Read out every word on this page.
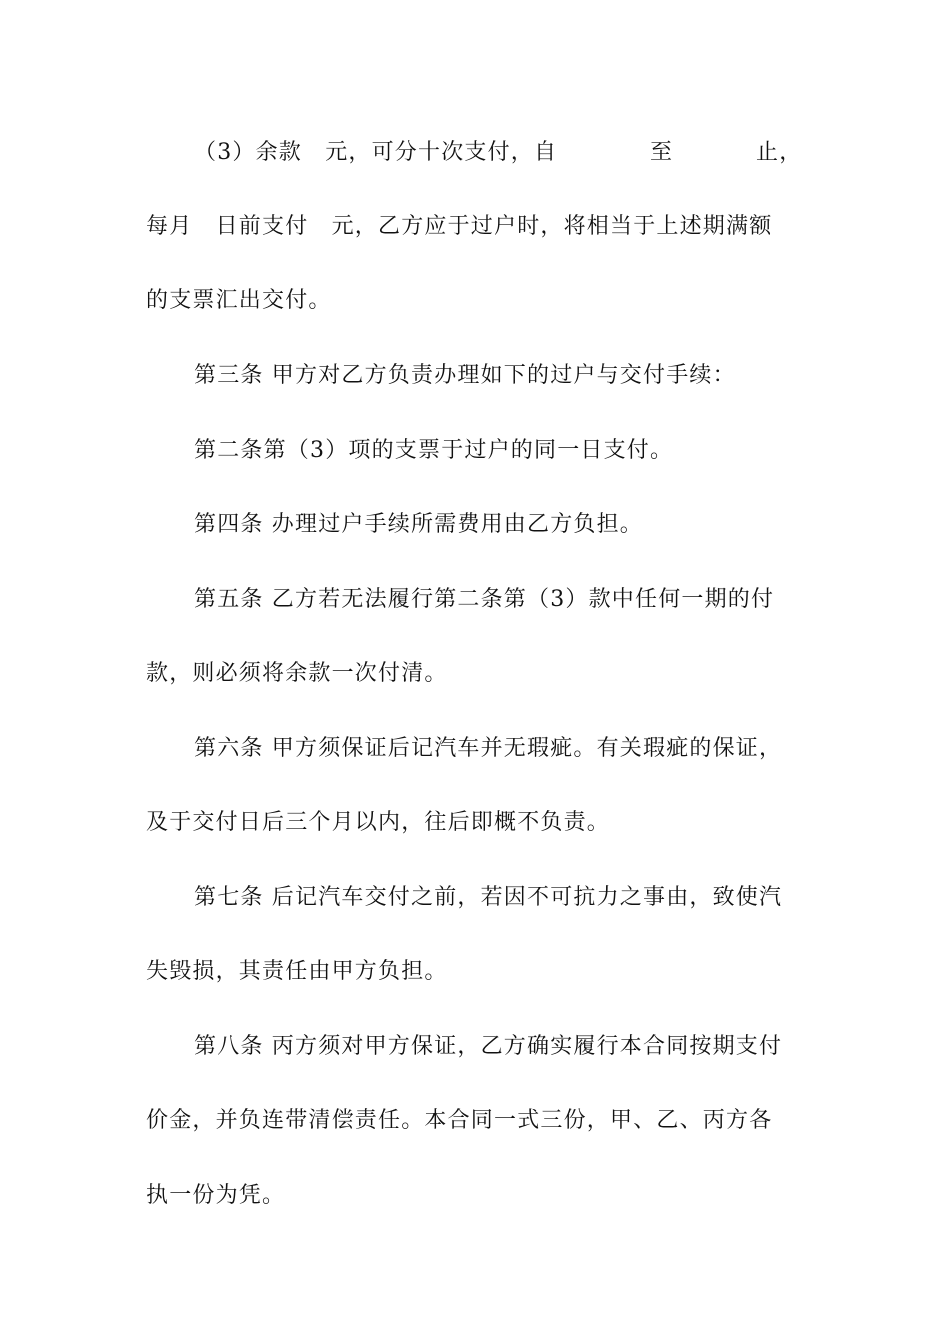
（3）余款　元，可分十次支付，自

	至

	止，

每月　日前支付　元，乙方应于过户时，将相当于上述期满额
的支票汇出交付。
第三条 甲方对乙方负责办理如下的过户与交付手续：
第二条第（3）项的支票于过户的同一日支付。
第四条 办理过户手续所需费用由乙方负担。
第五条 乙方若无法履行第二条第（3）款中任何一期的付
款，则必须将余款一次付清。
第六条 甲方须保证后记汽车并无瑕疵。有关瑕疵的保证，
及于交付日后三个月以内，往后即概不负责。
第七条 后记汽车交付之前，若因不可抗力之事由，致使汽
失毁损，其责任由甲方负担。
第八条 丙方须对甲方保证，乙方确实履行本合同按期支付
价金，并负连带清偿责任。本合同一式三份，甲、乙、丙方各
执一份为凭。
